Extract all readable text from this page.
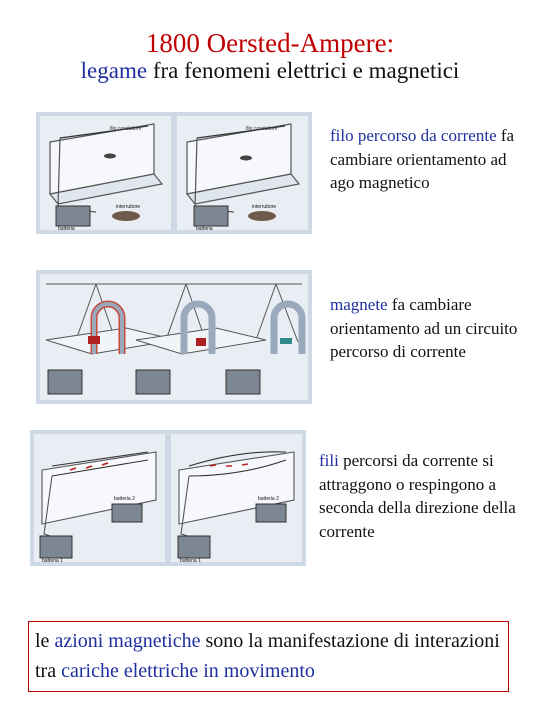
1800 Oersted-Ampere:
legame fra fenomeni elettrici e magnetici
filo conduttore	filo conduttore
batteria	batteria
interruttore	interruttore
batteria 2
batteria 1
batteria 2
batteria 1
filo percorso da corrente fa cambiare orientamento ad ago magnetico
magnete fa cambiare orientamento ad un circuito percorso di corrente
fili percorsi da corrente si attraggono o respingono a seconda della direzione della corrente
le azioni magnetiche sono la manifestazione di interazioni tra cariche elettriche in movimento
